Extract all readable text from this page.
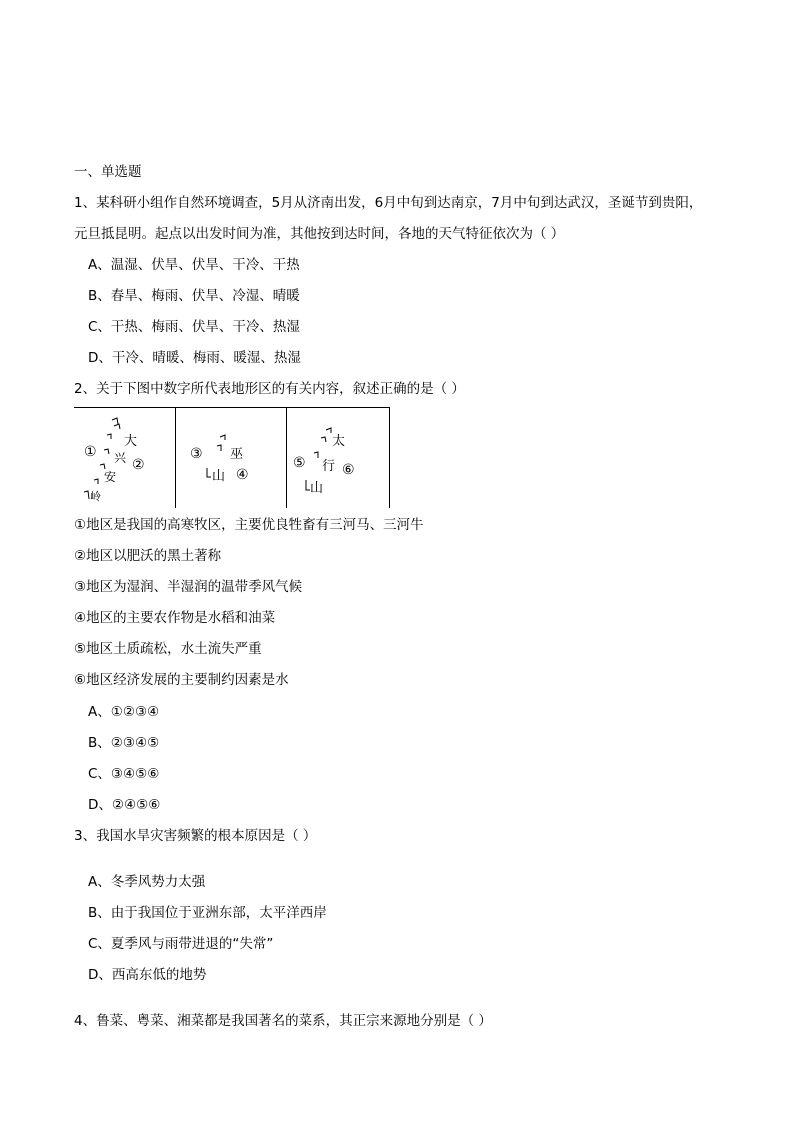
一、单选题
1、某科研小组作自然环境调查，5月从济南出发，6月中旬到达南京，7月中旬到达武汉，圣诞节到贵阳，
元旦抵昆明。起点以出发时间为准，其他按到达时间，各地的天气特征依次为（ ）
A、温湿、伏旱、伏旱、干冷、干热
B、春旱、梅雨、伏旱、冷湿、晴暖
C、干热、梅雨、伏旱、干冷、热湿
D、干冷、晴暖、梅雨、暖湿、热湿
2、关于下图中数字所代表地形区的有关内容，叙述正确的是（ ）
大
兴
安
岭
①
②
巫
山
③
④
太
行
山
⑤	⑥
①地区是我国的高寒牧区，主要优良牲畜有三河马、三河牛
②地区以肥沃的黑土著称
③地区为湿润、半湿润的温带季风气候
④地区的主要农作物是水稻和油菜
⑤地区土质疏松，水土流失严重
⑥地区经济发展的主要制约因素是水
A、①②③④
B、②③④⑤
C、③④⑤⑥
D、②④⑤⑥
3、我国水旱灾害频繁的根本原因是（ ）
A、冬季风势力太强
B、由于我国位于亚洲东部，太平洋西岸
C、夏季风与雨带进退的“失常”
D、西高东低的地势
4、鲁菜、粤菜、湘菜都是我国著名的菜系，其正宗来源地分别是（ ）
